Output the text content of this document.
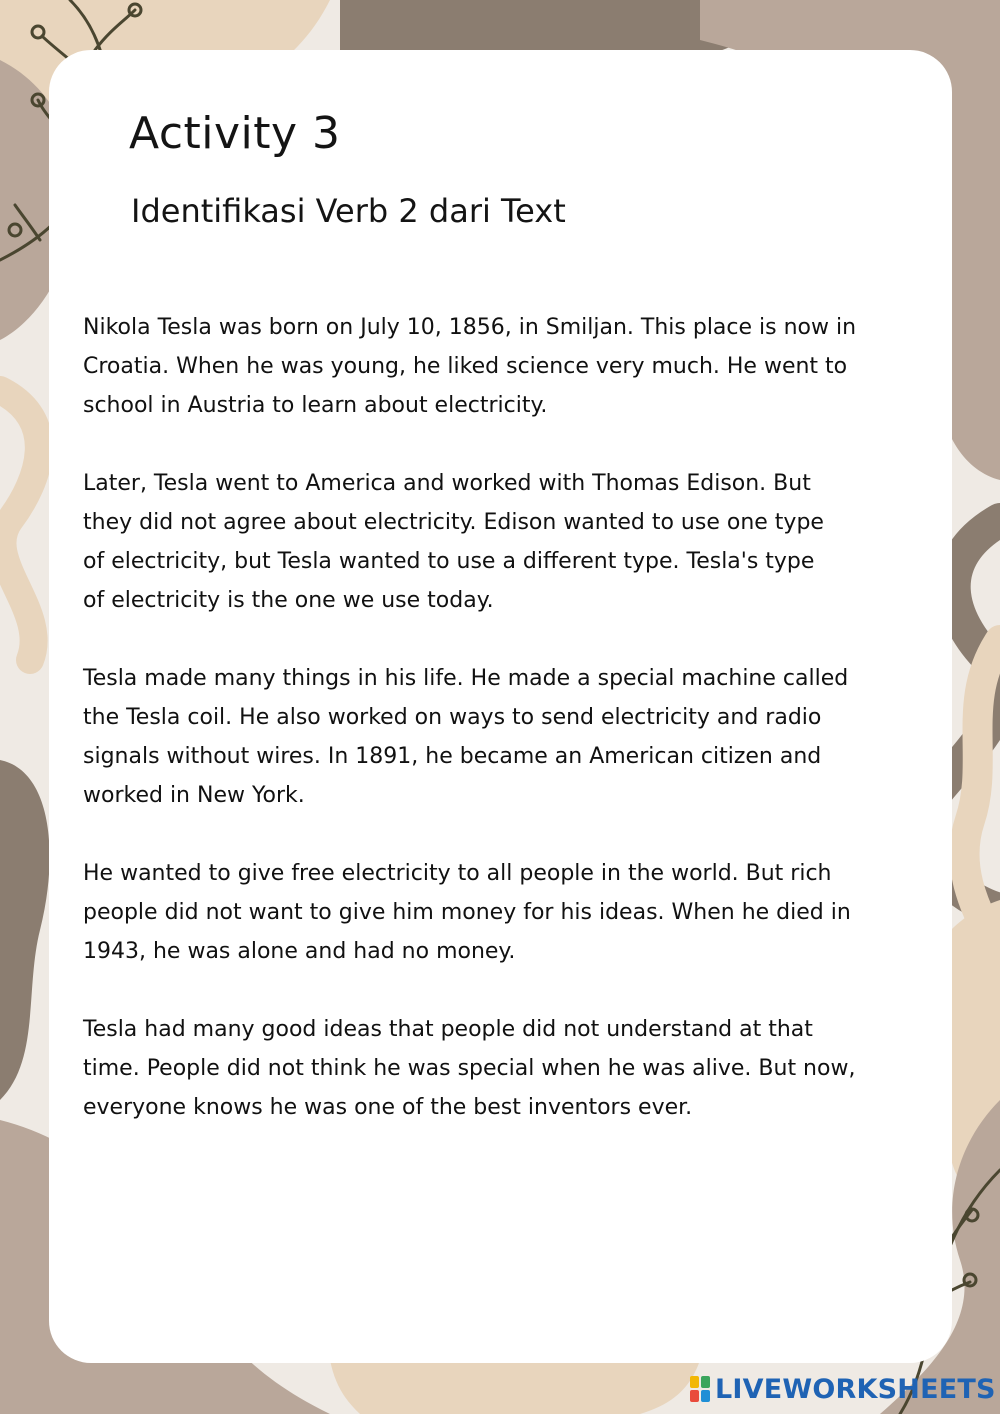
Activity 3
Identifikasi Verb 2 dari Text

Nikola Tesla was born on July 10, 1856, in Smiljan. This place is now in
Croatia. When he was young, he liked science very much. He went to
school in Austria to learn about electricity.

Later, Tesla went to America and worked with Thomas Edison. But
they did not agree about electricity. Edison wanted to use one type
of electricity, but Tesla wanted to use a different type. Tesla's type
of electricity is the one we use today.

Tesla made many things in his life. He made a special machine called
the Tesla coil. He also worked on ways to send electricity and radio
signals without wires. In 1891, he became an American citizen and
worked in New York.

He wanted to give free electricity to all people in the world. But rich
people did not want to give him money for his ideas. When he died in
1943, he was alone and had no money.

Tesla had many good ideas that people did not understand at that
time. People did not think he was special when he was alive. But now,
everyone knows he was one of the best inventors ever.

LIVEWORKSHEETS
